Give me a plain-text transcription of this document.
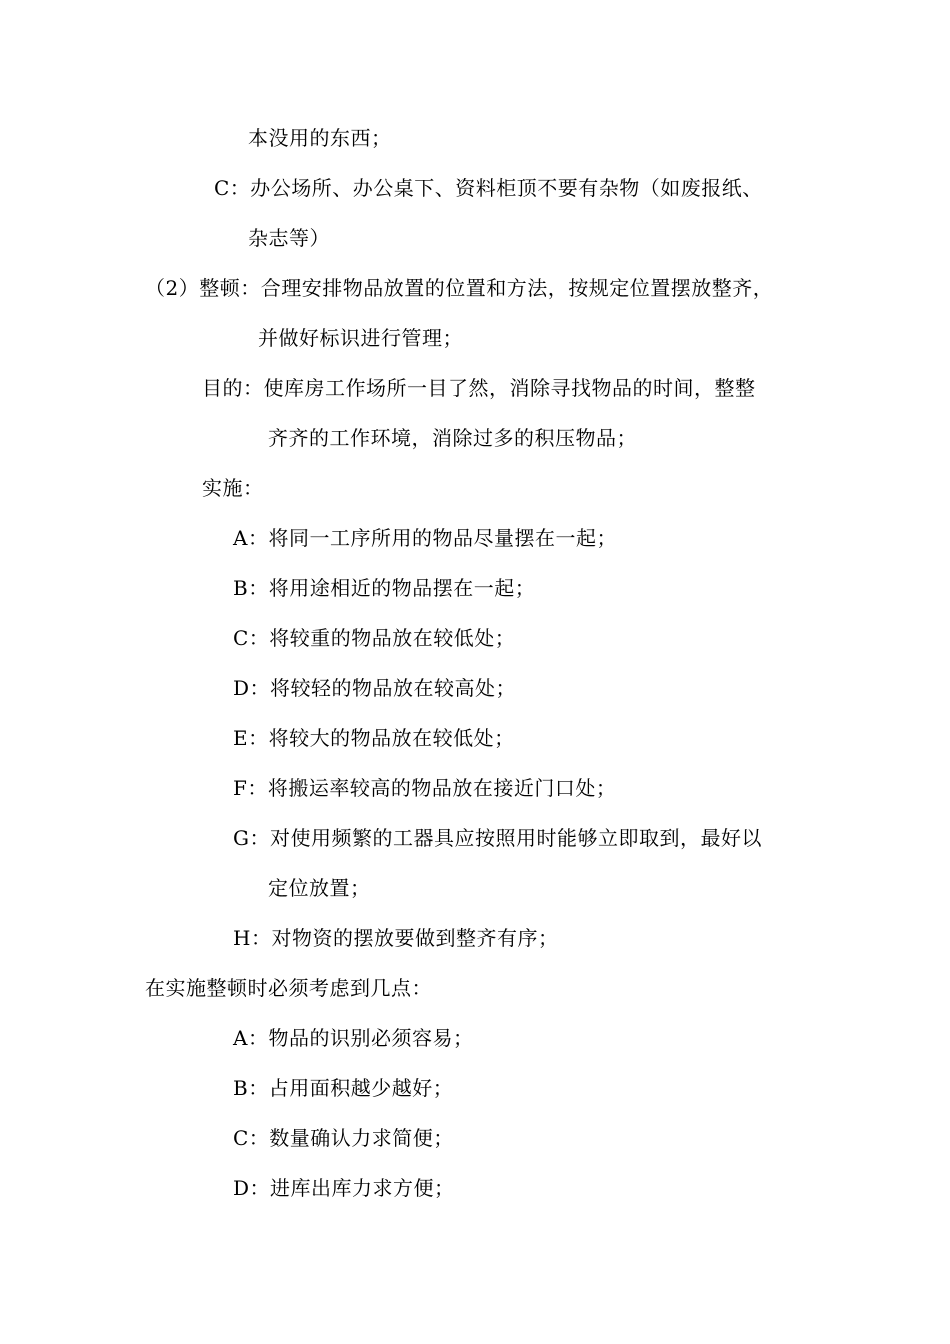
本没用的东西；
C：办公场所、办公桌下、资料柜顶不要有杂物（如废报纸、
杂志等）
（2）整顿：合理安排物品放置的位置和方法，按规定位置摆放整齐，
并做好标识进行管理；
目的：使库房工作场所一目了然，消除寻找物品的时间，整整
齐齐的工作环境，消除过多的积压物品；
实施：
A：将同一工序所用的物品尽量摆在一起；
B：将用途相近的物品摆在一起；
C：将较重的物品放在较低处；
D：将较轻的物品放在较高处；
E：将较大的物品放在较低处；
F：将搬运率较高的物品放在接近门口处；
G：对使用频繁的工器具应按照用时能够立即取到，最好以
定位放置；
H：对物资的摆放要做到整齐有序；
在实施整顿时必须考虑到几点：
A：物品的识别必须容易；
B：占用面积越少越好；
C：数量确认力求简便；
D：进库出库力求方便；
